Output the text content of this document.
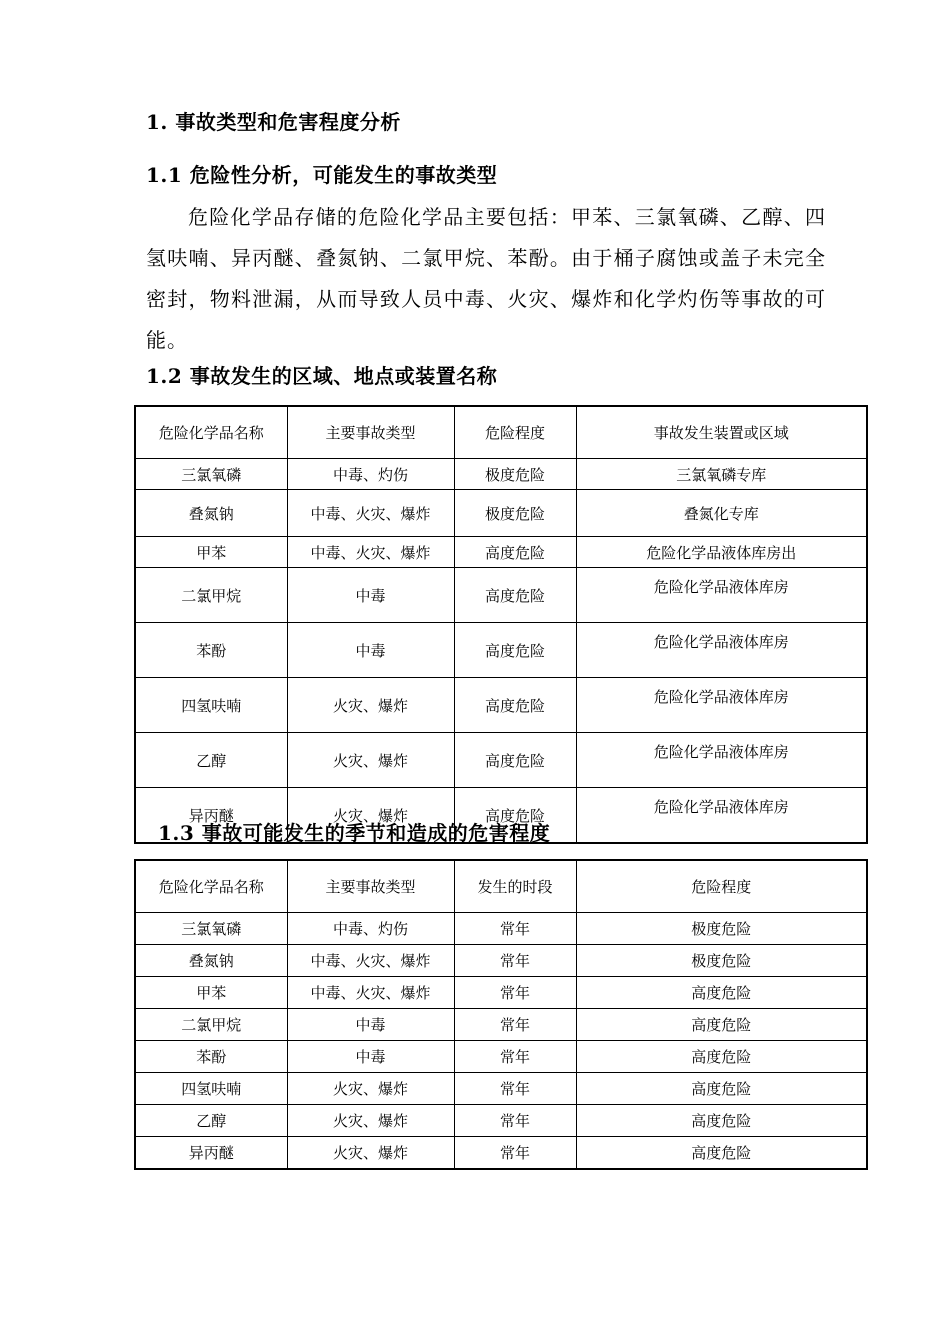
1. 事故类型和危害程度分析
1.1 危险性分析，可能发生的事故类型
危险化学品存储的危险化学品主要包括：甲苯、三氯氧磷、乙醇、四氢呋喃、异丙醚、叠氮钠、二氯甲烷、苯酚。由于桶子腐蚀或盖子未完全密封，物料泄漏，从而导致人员中毒、火灾、爆炸和化学灼伤等事故的可能。
1.2 事故发生的区域、地点或装置名称
危险化学品名称	主要事故类型	危险程度	事故发生装置或区域
三氯氧磷	中毒、灼伤	极度危险	三氯氧磷专库
叠氮钠	中毒、火灾、爆炸	极度危险	叠氮化专库
甲苯	中毒、火灾、爆炸	高度危险	危险化学品液体库房出
二氯甲烷	中毒	高度危险	危险化学品液体库房
苯酚	中毒	高度危险	危险化学品液体库房
四氢呋喃	火灾、爆炸	高度危险	危险化学品液体库房
乙醇	火灾、爆炸	高度危险	危险化学品液体库房
异丙醚	火灾、爆炸	高度危险	危险化学品液体库房
1.3 事故可能发生的季节和造成的危害程度
危险化学品名称	主要事故类型	发生的时段	危险程度
三氯氧磷	中毒、灼伤	常年	极度危险
叠氮钠	中毒、火灾、爆炸	常年	极度危险
甲苯	中毒、火灾、爆炸	常年	高度危险
二氯甲烷	中毒	常年	高度危险
苯酚	中毒	常年	高度危险
四氢呋喃	火灾、爆炸	常年	高度危险
乙醇	火灾、爆炸	常年	高度危险
异丙醚	火灾、爆炸	常年	高度危险
